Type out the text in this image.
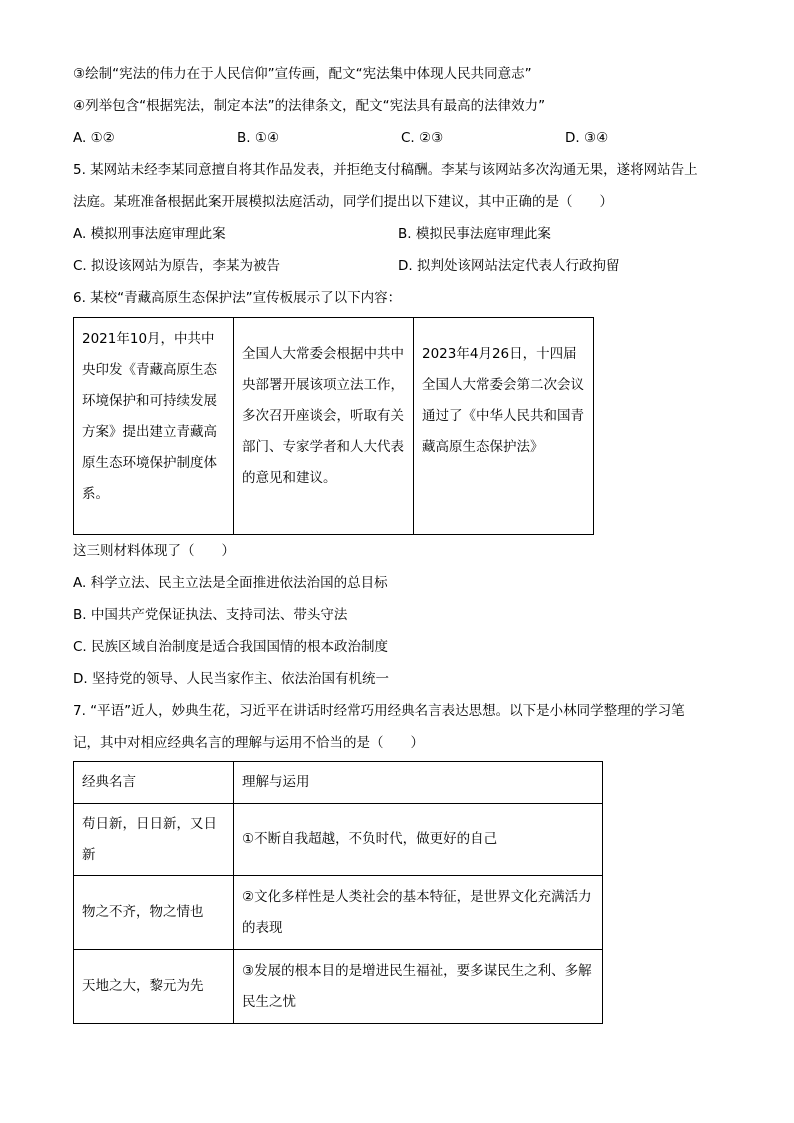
③绘制“宪法的伟力在于人民信仰”宣传画，配文“宪法集中体现人民共同意志”
④列举包含“根据宪法，制定本法”的法律条文，配文“宪法具有最高的法律效力”
A. ①②	B. ①④	C. ②③	D. ③④
5. 某网站未经李某同意擅自将其作品发表，并拒绝支付稿酬。李某与该网站多次沟通无果，遂将网站告上
法庭。某班准备根据此案开展模拟法庭活动，同学们提出以下建议，其中正确的是（　　）
A. 模拟刑事法庭审理此案	B. 模拟民事法庭审理此案
C. 拟设该网站为原告，李某为被告	D. 拟判处该网站法定代表人行政拘留
6. 某校“青藏高原生态保护法”宣传板展示了以下内容：
2021年10月，中共中央印发《青藏高原生态环境保护和可持续发展方案》提出建立青藏高原生态环境保护制度体系。	全国人大常委会根据中共中央部署开展该项立法工作，多次召开座谈会，听取有关部门、专家学者和人大代表的意见和建议。	2023年4月26日，十四届全国人大常委会第二次会议通过了《中华人民共和国青藏高原生态保护法》
这三则材料体现了（　　）
A. 科学立法、民主立法是全面推进依法治国的总目标
B. 中国共产党保证执法、支持司法、带头守法
C. 民族区域自治制度是适合我国国情的根本政治制度
D. 坚持党的领导、人民当家作主、依法治国有机统一
7. “平语”近人，妙典生花，习近平在讲话时经常巧用经典名言表达思想。以下是小林同学整理的学习笔
记，其中对相应经典名言的理解与运用不恰当的是（　　）
经典名言	理解与运用
苟日新，日日新，又日新	①不断自我超越，不负时代，做更好的自己
物之不齐，物之情也	②文化多样性是人类社会的基本特征，是世界文化充满活力的表现
天地之大，黎元为先	③发展的根本目的是增进民生福祉，要多谋民生之利、多解民生之忧
